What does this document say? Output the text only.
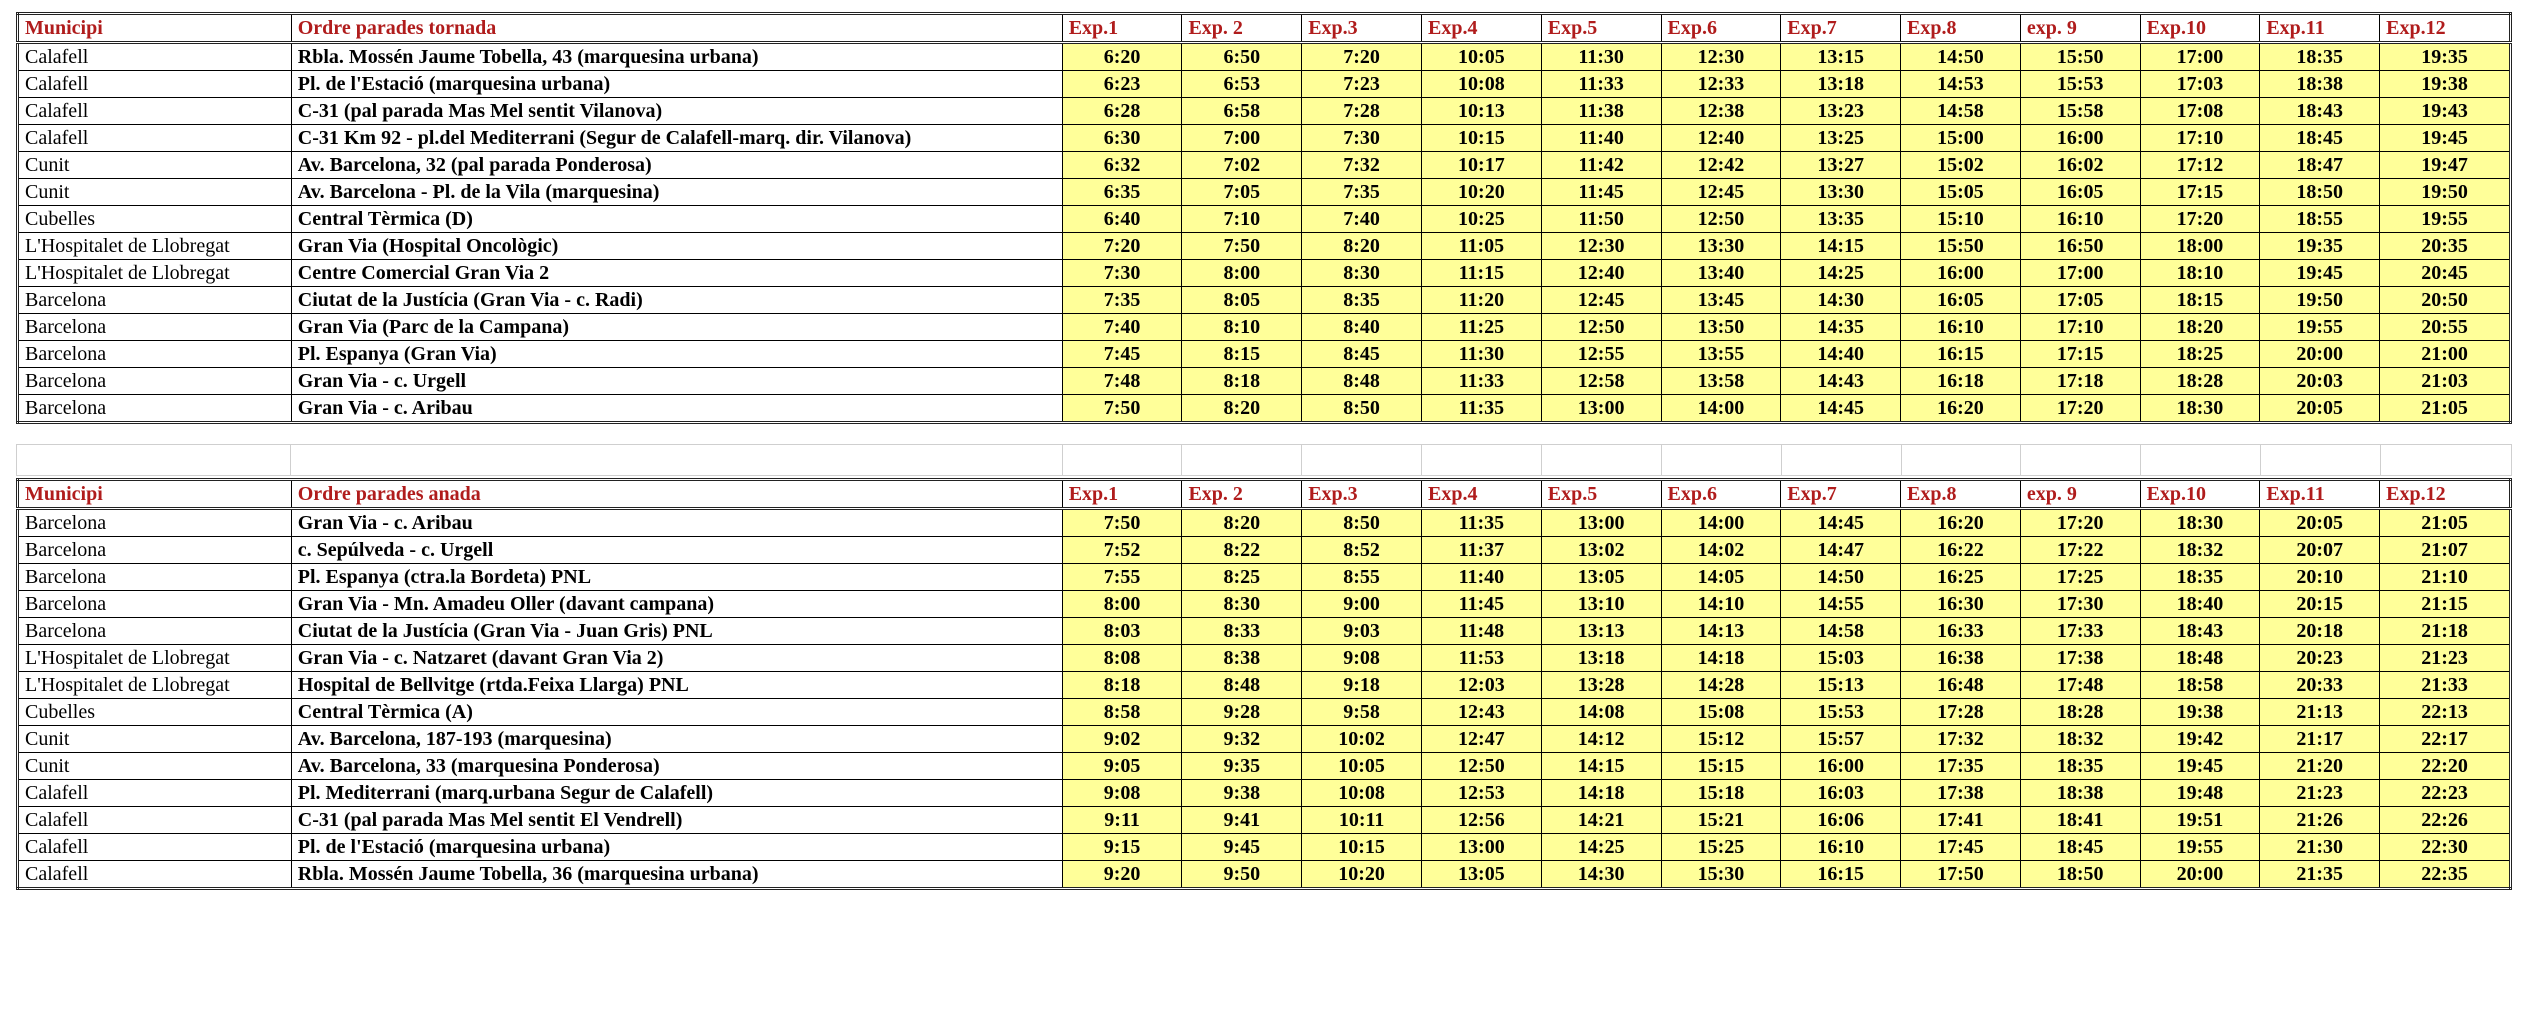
Municipi	Ordre parades tornada	Exp.1	Exp. 2	Exp.3	Exp.4	Exp.5	Exp.6	Exp.7	Exp.8	exp. 9	Exp.10	Exp.11	Exp.12
Calafell	Rbla. Mossén Jaume Tobella, 43 (marquesina urbana)	6:20	6:50	7:20	10:05	11:30	12:30	13:15	14:50	15:50	17:00	18:35	19:35
Calafell	Pl. de l'Estació (marquesina urbana)	6:23	6:53	7:23	10:08	11:33	12:33	13:18	14:53	15:53	17:03	18:38	19:38
Calafell	C-31 (pal parada Mas Mel sentit Vilanova)	6:28	6:58	7:28	10:13	11:38	12:38	13:23	14:58	15:58	17:08	18:43	19:43
Calafell	C-31 Km 92 - pl.del Mediterrani (Segur de Calafell-marq. dir. Vilanova)	6:30	7:00	7:30	10:15	11:40	12:40	13:25	15:00	16:00	17:10	18:45	19:45
Cunit	Av. Barcelona, 32 (pal parada Ponderosa)	6:32	7:02	7:32	10:17	11:42	12:42	13:27	15:02	16:02	17:12	18:47	19:47
Cunit	Av. Barcelona - Pl. de la Vila (marquesina)	6:35	7:05	7:35	10:20	11:45	12:45	13:30	15:05	16:05	17:15	18:50	19:50
Cubelles	Central Tèrmica (D)	6:40	7:10	7:40	10:25	11:50	12:50	13:35	15:10	16:10	17:20	18:55	19:55
L'Hospitalet de Llobregat	Gran Via (Hospital Oncològic)	7:20	7:50	8:20	11:05	12:30	13:30	14:15	15:50	16:50	18:00	19:35	20:35
L'Hospitalet de Llobregat	Centre Comercial Gran Via 2	7:30	8:00	8:30	11:15	12:40	13:40	14:25	16:00	17:00	18:10	19:45	20:45
Barcelona	Ciutat de la Justícia (Gran Via - c. Radi)	7:35	8:05	8:35	11:20	12:45	13:45	14:30	16:05	17:05	18:15	19:50	20:50
Barcelona	Gran Via (Parc de la Campana)	7:40	8:10	8:40	11:25	12:50	13:50	14:35	16:10	17:10	18:20	19:55	20:55
Barcelona	Pl. Espanya (Gran Via)	7:45	8:15	8:45	11:30	12:55	13:55	14:40	16:15	17:15	18:25	20:00	21:00
Barcelona	Gran Via - c. Urgell	7:48	8:18	8:48	11:33	12:58	13:58	14:43	16:18	17:18	18:28	20:03	21:03
Barcelona	Gran Via - c. Aribau	7:50	8:20	8:50	11:35	13:00	14:00	14:45	16:20	17:20	18:30	20:05	21:05

Municipi	Ordre parades anada	Exp.1	Exp. 2	Exp.3	Exp.4	Exp.5	Exp.6	Exp.7	Exp.8	exp. 9	Exp.10	Exp.11	Exp.12
Barcelona	Gran Via - c. Aribau	7:50	8:20	8:50	11:35	13:00	14:00	14:45	16:20	17:20	18:30	20:05	21:05
Barcelona	c. Sepúlveda - c. Urgell	7:52	8:22	8:52	11:37	13:02	14:02	14:47	16:22	17:22	18:32	20:07	21:07
Barcelona	Pl. Espanya (ctra.la Bordeta) PNL	7:55	8:25	8:55	11:40	13:05	14:05	14:50	16:25	17:25	18:35	20:10	21:10
Barcelona	Gran Via - Mn. Amadeu Oller (davant campana)	8:00	8:30	9:00	11:45	13:10	14:10	14:55	16:30	17:30	18:40	20:15	21:15
Barcelona	Ciutat de la Justícia (Gran Via - Juan Gris) PNL	8:03	8:33	9:03	11:48	13:13	14:13	14:58	16:33	17:33	18:43	20:18	21:18
L'Hospitalet de Llobregat	Gran Via - c. Natzaret (davant Gran Via 2)	8:08	8:38	9:08	11:53	13:18	14:18	15:03	16:38	17:38	18:48	20:23	21:23
L'Hospitalet de Llobregat	Hospital de Bellvitge (rtda.Feixa Llarga) PNL	8:18	8:48	9:18	12:03	13:28	14:28	15:13	16:48	17:48	18:58	20:33	21:33
Cubelles	Central Tèrmica (A)	8:58	9:28	9:58	12:43	14:08	15:08	15:53	17:28	18:28	19:38	21:13	22:13
Cunit	Av. Barcelona, 187-193 (marquesina)	9:02	9:32	10:02	12:47	14:12	15:12	15:57	17:32	18:32	19:42	21:17	22:17
Cunit	Av. Barcelona, 33 (marquesina Ponderosa)	9:05	9:35	10:05	12:50	14:15	15:15	16:00	17:35	18:35	19:45	21:20	22:20
Calafell	Pl. Mediterrani (marq.urbana Segur de Calafell)	9:08	9:38	10:08	12:53	14:18	15:18	16:03	17:38	18:38	19:48	21:23	22:23
Calafell	C-31 (pal parada Mas Mel sentit El Vendrell)	9:11	9:41	10:11	12:56	14:21	15:21	16:06	17:41	18:41	19:51	21:26	22:26
Calafell	Pl. de l'Estació (marquesina urbana)	9:15	9:45	10:15	13:00	14:25	15:25	16:10	17:45	18:45	19:55	21:30	22:30
Calafell	Rbla. Mossén Jaume Tobella, 36 (marquesina urbana)	9:20	9:50	10:20	13:05	14:30	15:30	16:15	17:50	18:50	20:00	21:35	22:35
